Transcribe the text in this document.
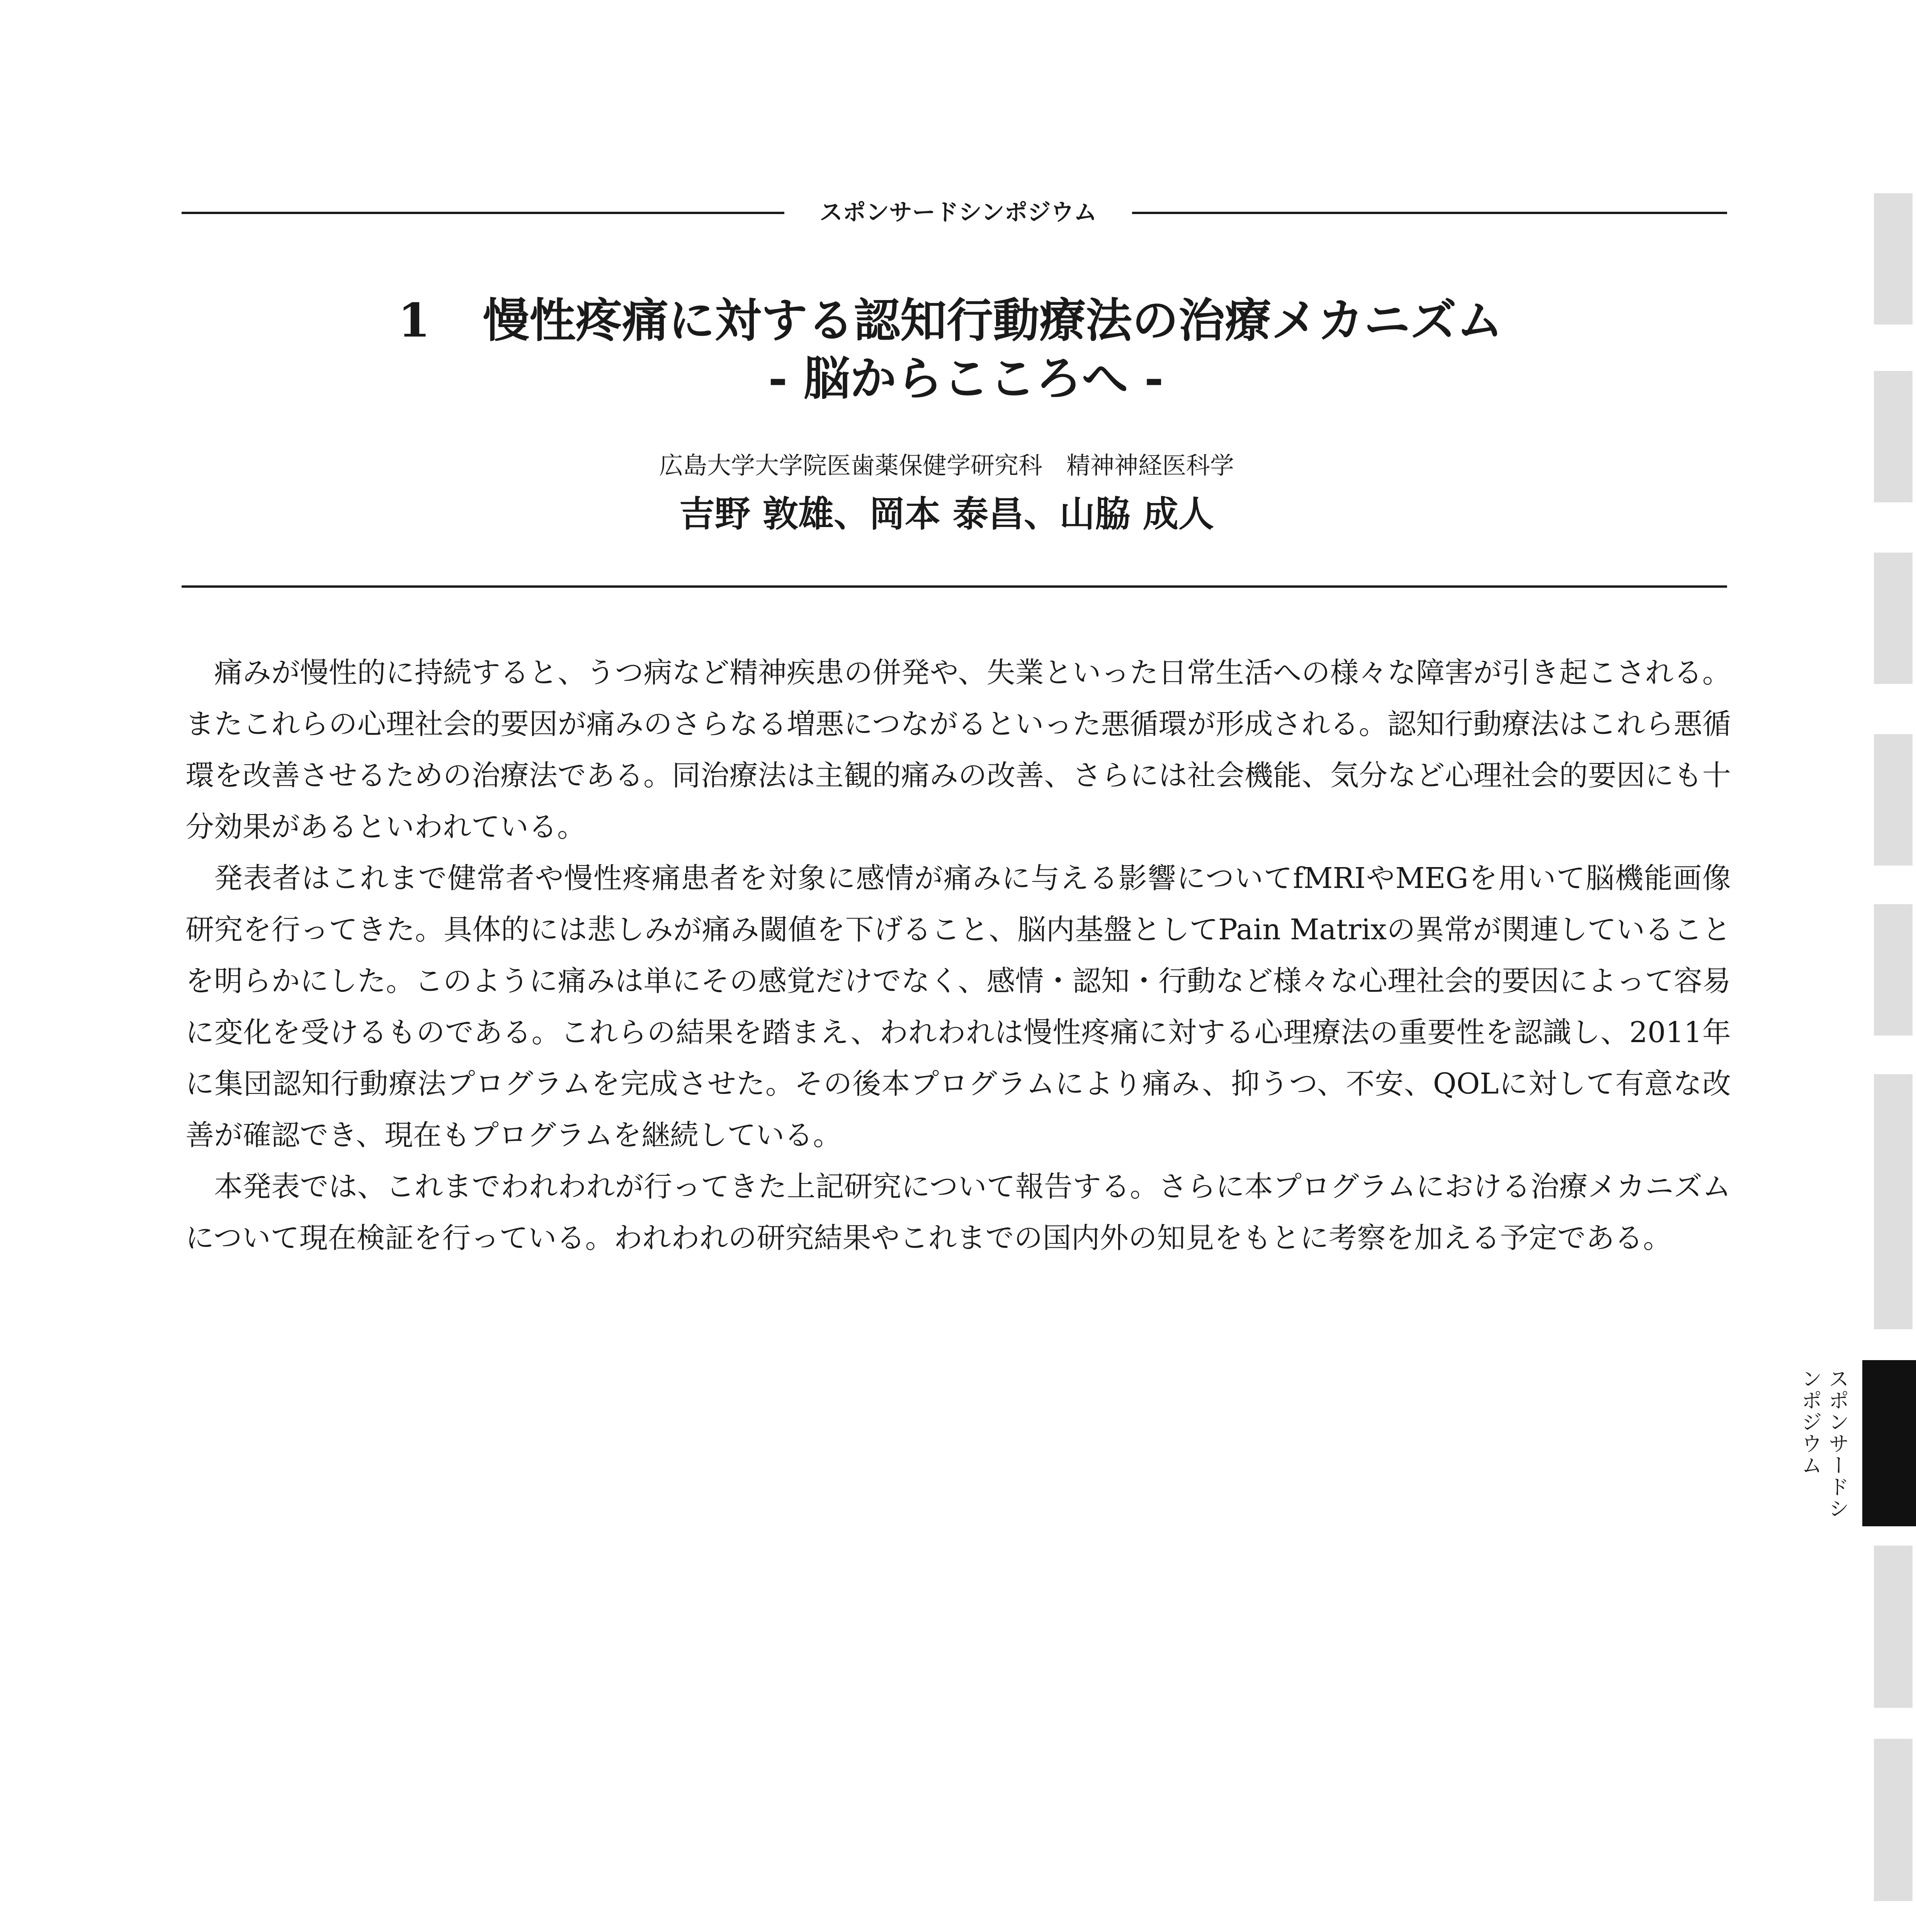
スポンサードシンポジウム
1 慢性疼痛に対する認知行動療法の治療メカニズム
- 脳からこころへ -
広島大学大学院医歯薬保健学研究科　精神神経医科学
吉野 敦雄、岡本 泰昌、山脇 成人

痛みが慢性的に持続すると、うつ病など精神疾患の併発や、失業といった日常生活への様々な障害が引き起こされる。またこれらの心理社会的要因が痛みのさらなる増悪につながるといった悪循環が形成される。認知行動療法はこれら悪循環を改善させるための治療法である。同治療法は主観的痛みの改善、さらには社会機能、気分など心理社会的要因にも十分効果があるといわれている。

発表者はこれまで健常者や慢性疼痛患者を対象に感情が痛みに与える影響についてfMRIやMEGを用いて脳機能画像研究を行ってきた。具体的には悲しみが痛み閾値を下げること、脳内基盤としてPain Matrixの異常が関連していることを明らかにした。このように痛みは単にその感覚だけでなく、感情・認知・行動など様々な心理社会的要因によって容易に変化を受けるものである。これらの結果を踏まえ、われわれは慢性疼痛に対する心理療法の重要性を認識し、2011年に集団認知行動療法プログラムを完成させた。その後本プログラムにより痛み、抑うつ、不安、QOLに対して有意な改善が確認でき、現在もプログラムを継続している。

本発表では、これまでわれわれが行ってきた上記研究について報告する。さらに本プログラムにおける治療メカニズムについて現在検証を行っている。われわれの研究結果やこれまでの国内外の知見をもとに考察を加える予定である。

スポンサードシンポジウム
